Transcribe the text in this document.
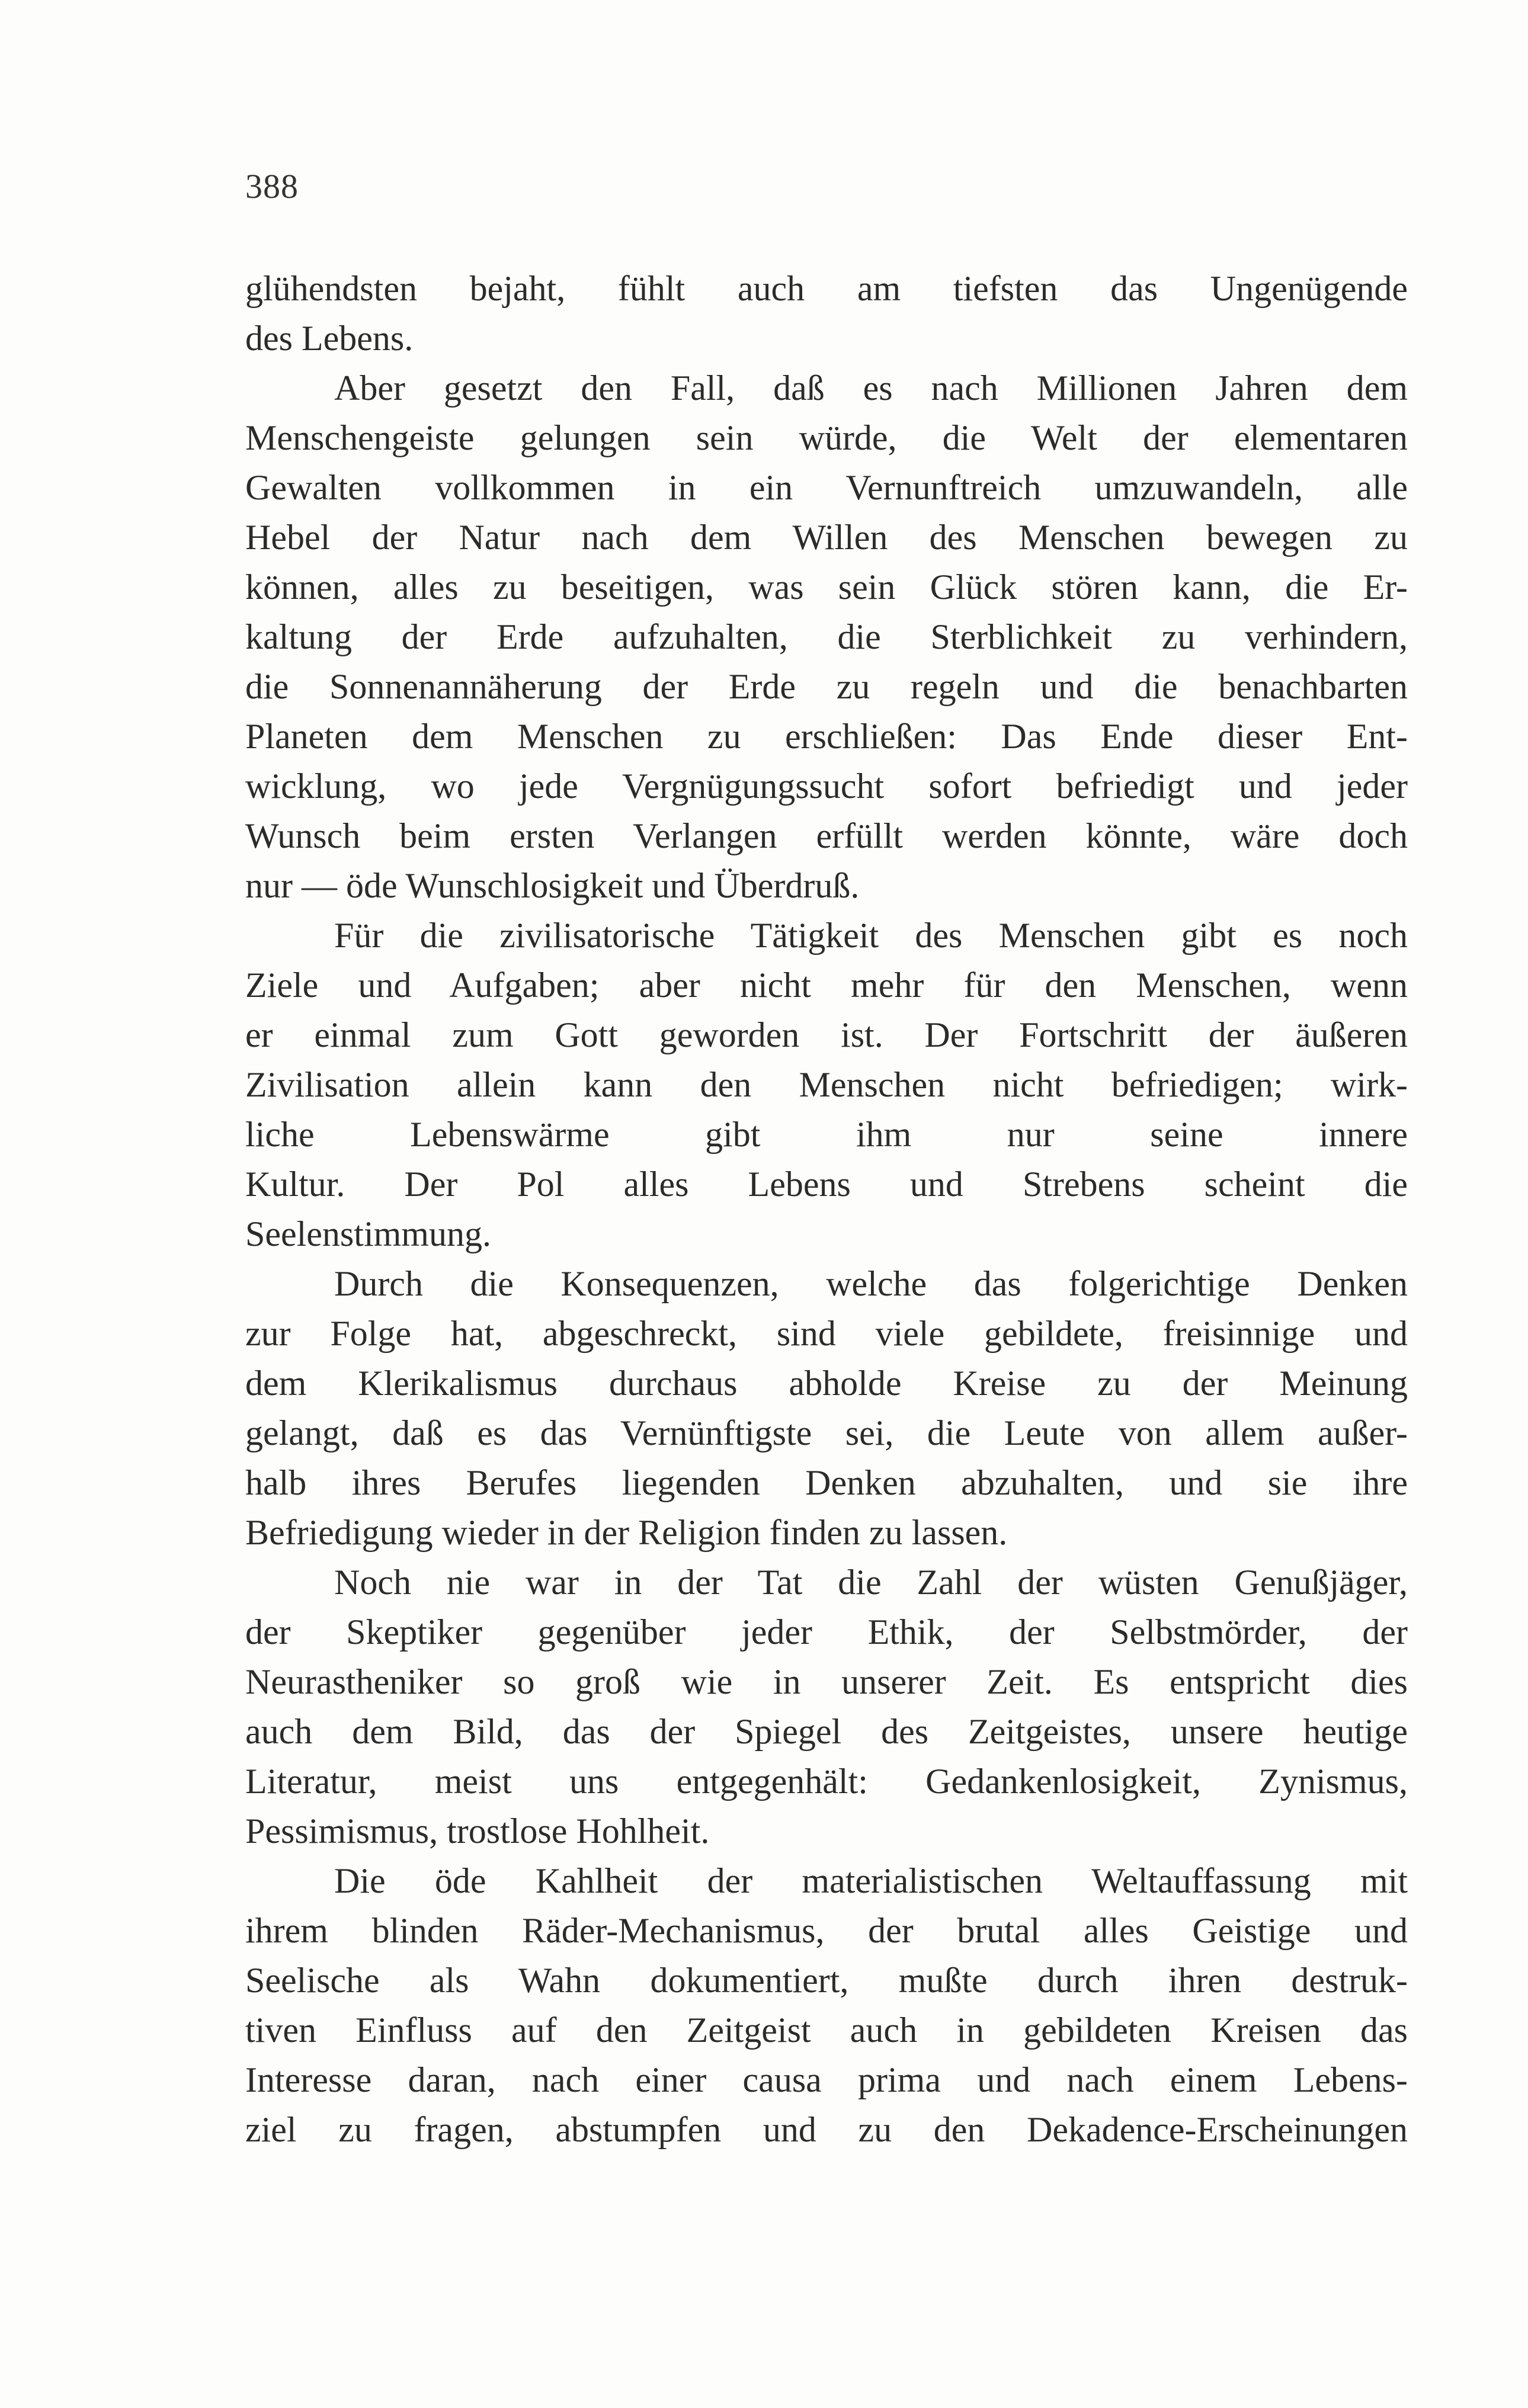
388
glühendsten bejaht, fühlt auch am tiefsten das Ungenügende
des Lebens.
Aber gesetzt den Fall, daß es nach Millionen Jahren dem
Menschengeiste gelungen sein würde, die Welt der elementaren
Gewalten vollkommen in ein Vernunftreich umzuwandeln, alle
Hebel der Natur nach dem Willen des Menschen bewegen zu
können, alles zu beseitigen, was sein Glück stören kann, die Er-
kaltung der Erde aufzuhalten, die Sterblichkeit zu verhindern,
die Sonnenannäherung der Erde zu regeln und die benachbarten
Planeten dem Menschen zu erschließen: Das Ende dieser Ent-
wicklung, wo jede Vergnügungssucht sofort befriedigt und jeder
Wunsch beim ersten Verlangen erfüllt werden könnte, wäre doch
nur — öde Wunschlosigkeit und Überdruß.
Für die zivilisatorische Tätigkeit des Menschen gibt es noch
Ziele und Aufgaben; aber nicht mehr für den Menschen, wenn
er einmal zum Gott geworden ist. Der Fortschritt der äußeren
Zivilisation allein kann den Menschen nicht befriedigen; wirk-
liche Lebenswärme gibt ihm nur seine innere
Kultur. Der Pol alles Lebens und Strebens scheint die
Seelenstimmung.
Durch die Konsequenzen, welche das folgerichtige Denken
zur Folge hat, abgeschreckt, sind viele gebildete, freisinnige und
dem Klerikalismus durchaus abholde Kreise zu der Meinung
gelangt, daß es das Vernünftigste sei, die Leute von allem außer-
halb ihres Berufes liegenden Denken abzuhalten, und sie ihre
Befriedigung wieder in der Religion finden zu lassen.
Noch nie war in der Tat die Zahl der wüsten Genußjäger,
der Skeptiker gegenüber jeder Ethik, der Selbstmörder, der
Neurastheniker so groß wie in unserer Zeit. Es entspricht dies
auch dem Bild, das der Spiegel des Zeitgeistes, unsere heutige
Literatur, meist uns entgegenhält: Gedankenlosigkeit, Zynismus,
Pessimismus, trostlose Hohlheit.
Die öde Kahlheit der materialistischen Weltauffassung mit
ihrem blinden Räder-Mechanismus, der brutal alles Geistige und
Seelische als Wahn dokumentiert, mußte durch ihren destruk-
tiven Einfluss auf den Zeitgeist auch in gebildeten Kreisen das
Interesse daran, nach einer causa prima und nach einem Lebens-
ziel zu fragen, abstumpfen und zu den Dekadence-Erscheinungen
